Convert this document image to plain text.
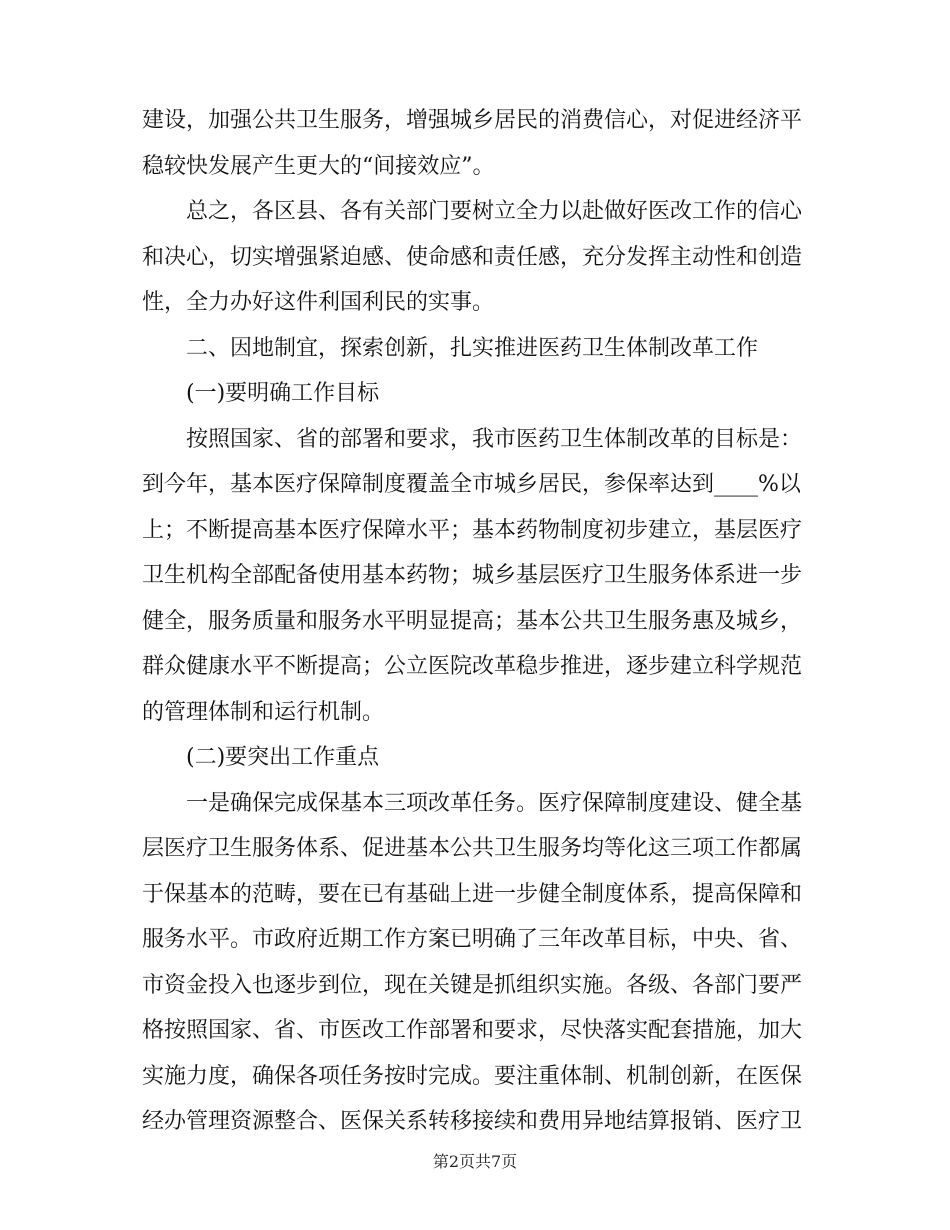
建设，加强公共卫生服务，增强城乡居民的消费信心，对促进经济平
稳较快发展产生更大的“间接效应”。
总之，各区县、各有关部门要树立全力以赴做好医改工作的信心
和决心，切实增强紧迫感、使命感和责任感，充分发挥主动性和创造
性，全力办好这件利国利民的实事。
二、因地制宜，探索创新，扎实推进医药卫生体制改革工作
(一)要明确工作目标
按照国家、省的部署和要求，我市医药卫生体制改革的目标是：
到今年，基本医疗保障制度覆盖全市城乡居民，参保率达到____%以
上；不断提高基本医疗保障水平；基本药物制度初步建立，基层医疗
卫生机构全部配备使用基本药物；城乡基层医疗卫生服务体系进一步
健全，服务质量和服务水平明显提高；基本公共卫生服务惠及城乡，
群众健康水平不断提高；公立医院改革稳步推进，逐步建立科学规范
的管理体制和运行机制。
(二)要突出工作重点
一是确保完成保基本三项改革任务。医疗保障制度建设、健全基
层医疗卫生服务体系、促进基本公共卫生服务均等化这三项工作都属
于保基本的范畴，要在已有基础上进一步健全制度体系，提高保障和
服务水平。市政府近期工作方案已明确了三年改革目标，中央、省、
市资金投入也逐步到位，现在关键是抓组织实施。各级、各部门要严
格按照国家、省、市医改工作部署和要求，尽快落实配套措施，加大
实施力度，确保各项任务按时完成。要注重体制、机制创新，在医保
经办管理资源整合、医保关系转移接续和费用异地结算报销、医疗卫
第2页共7页
